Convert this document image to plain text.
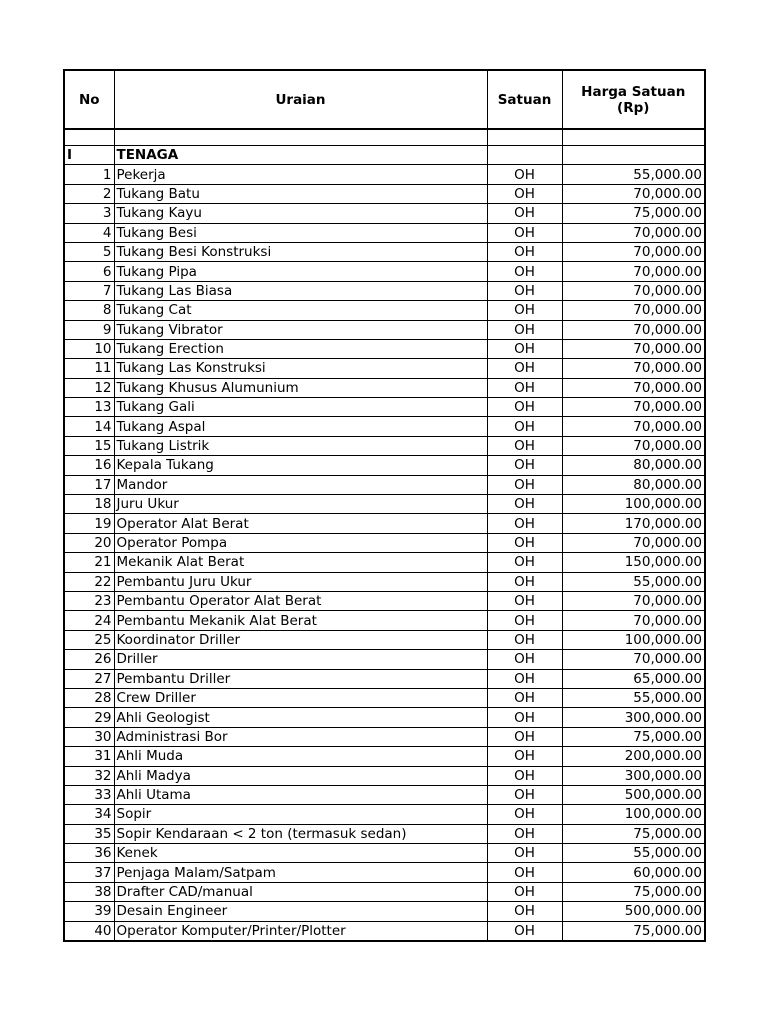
No	Uraian	Satuan	Harga Satuan
(Rp)

I	TENAGA		
1	Pekerja	OH	55,000.00
2	Tukang Batu	OH	70,000.00
3	Tukang Kayu	OH	75,000.00
4	Tukang Besi	OH	70,000.00
5	Tukang Besi Konstruksi	OH	70,000.00
6	Tukang Pipa	OH	70,000.00
7	Tukang Las Biasa	OH	70,000.00
8	Tukang Cat	OH	70,000.00
9	Tukang Vibrator	OH	70,000.00
10	Tukang Erection	OH	70,000.00
11	Tukang Las Konstruksi	OH	70,000.00
12	Tukang Khusus Alumunium	OH	70,000.00
13	Tukang Gali	OH	70,000.00
14	Tukang Aspal	OH	70,000.00
15	Tukang Listrik	OH	70,000.00
16	Kepala Tukang	OH	80,000.00
17	Mandor	OH	80,000.00
18	Juru Ukur	OH	100,000.00
19	Operator Alat Berat	OH	170,000.00
20	Operator Pompa	OH	70,000.00
21	Mekanik Alat Berat	OH	150,000.00
22	Pembantu Juru Ukur	OH	55,000.00
23	Pembantu Operator Alat Berat	OH	70,000.00
24	Pembantu Mekanik Alat Berat	OH	70,000.00
25	Koordinator Driller	OH	100,000.00
26	Driller	OH	70,000.00
27	Pembantu Driller	OH	65,000.00
28	Crew Driller	OH	55,000.00
29	Ahli Geologist	OH	300,000.00
30	Administrasi Bor	OH	75,000.00
31	Ahli Muda	OH	200,000.00
32	Ahli Madya	OH	300,000.00
33	Ahli Utama	OH	500,000.00
34	Sopir	OH	100,000.00
35	Sopir Kendaraan < 2 ton (termasuk sedan)	OH	75,000.00
36	Kenek	OH	55,000.00
37	Penjaga Malam/Satpam	OH	60,000.00
38	Drafter CAD/manual	OH	75,000.00
39	Desain Engineer	OH	500,000.00
40	Operator Komputer/Printer/Plotter	OH	75,000.00
